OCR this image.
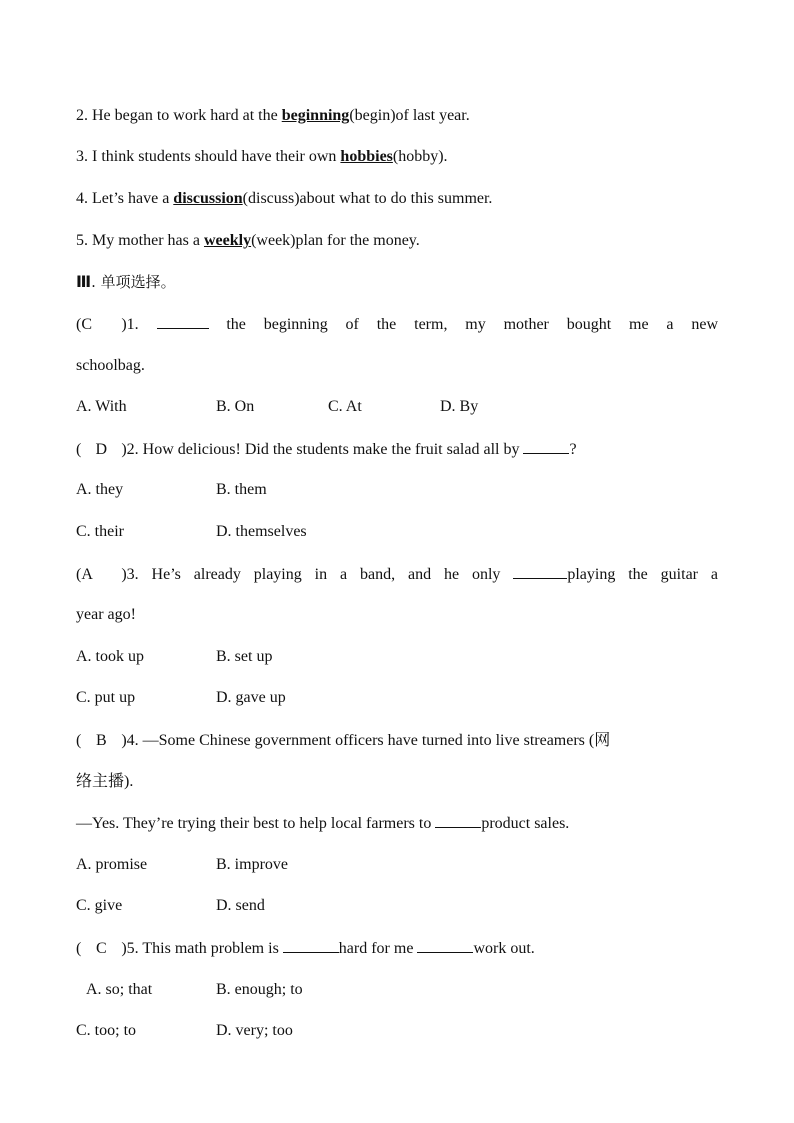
2. He began to work hard at the beginning(begin)of last year.
3. I think students should have their own hobbies(hobby).
4. Let’s have a discussion(discuss)about what to do this summer.
5. My mother has a weekly(week)plan for the money.
Ⅲ. 单项选择。
(C )1.	the beginning of the term, my mother bought me a new
schoolbag.
A. With	B. On	C. At	D. By
( D )2. How delicious! Did the students make the fruit salad all by	?
A. they	B. them
C. their	D. themselves
(A )3. He’s already playing in a band, and he only	playing the guitar a
year ago!
A. took up	B. set up
C. put up	D. gave up
( B )4. —Some Chinese government officers have turned into live streamers (网
络主播).
—Yes. They’re trying their best to help local farmers to	product sales.
A. promise	B. improve
C. give	D. send
( C )5. This math problem is	hard for me	work out.
A. so; that	B. enough; to
C. too; to	D. very; too
